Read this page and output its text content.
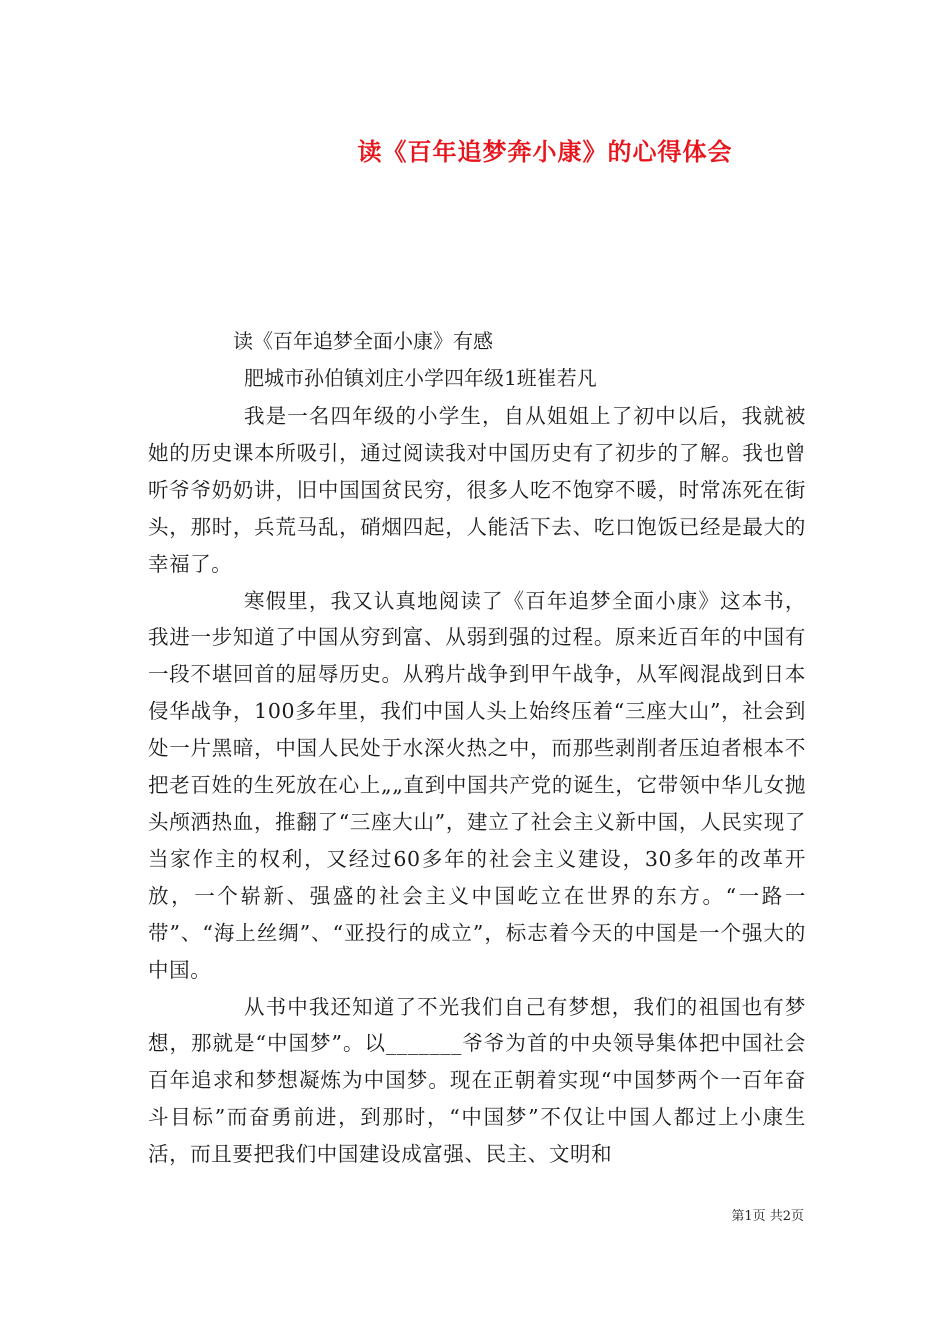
读《百年追梦奔小康》的心得体会
读《百年追梦全面小康》有感
肥城市孙伯镇刘庄小学四年级1班崔若凡

我是一名四年级的小学生，自从姐姐上了初中以后，我就被她的历史课本所吸引，通过阅读我对中国历史有了初步的了解。我也曾听爷爷奶奶讲，旧中国国贫民穷，很多人吃不饱穿不暖，时常冻死在街头，那时，兵荒马乱，硝烟四起，人能活下去、吃口饱饭已经是最大的幸福了。

寒假里，我又认真地阅读了《百年追梦全面小康》这本书，我进一步知道了中国从穷到富、从弱到强的过程。原来近百年的中国有一段不堪回首的屈辱历史。从鸦片战争到甲午战争，从军阀混战到日本侵华战争，100多年里，我们中国人头上始终压着“三座大山”，社会到处一片黑暗，中国人民处于水深火热之中，而那些剥削者压迫者根本不把老百姓的生死放在心上„„直到中国共产党的诞生，它带领中华儿女抛头颅洒热血，推翻了“三座大山”，建立了社会主义新中国，人民实现了当家作主的权利，又经过60多年的社会主义建设，30多年的改革开放，一个崭新、强盛的社会主义中国屹立在世界的东方。“一路一带”、“海上丝绸”、“亚投行的成立”，标志着今天的中国是一个强大的中国。

从书中我还知道了不光我们自己有梦想，我们的祖国也有梦想，那就是“中国梦”。以_______爷爷为首的中央领导集体把中国社会百年追求和梦想凝炼为中国梦。现在正朝着实现“中国梦两个一百年奋斗目标”而奋勇前进，到那时，“中国梦”不仅让中国人都过上小康生活，而且要把我们中国建设成富强、民主、文明和

第1页 共2页
